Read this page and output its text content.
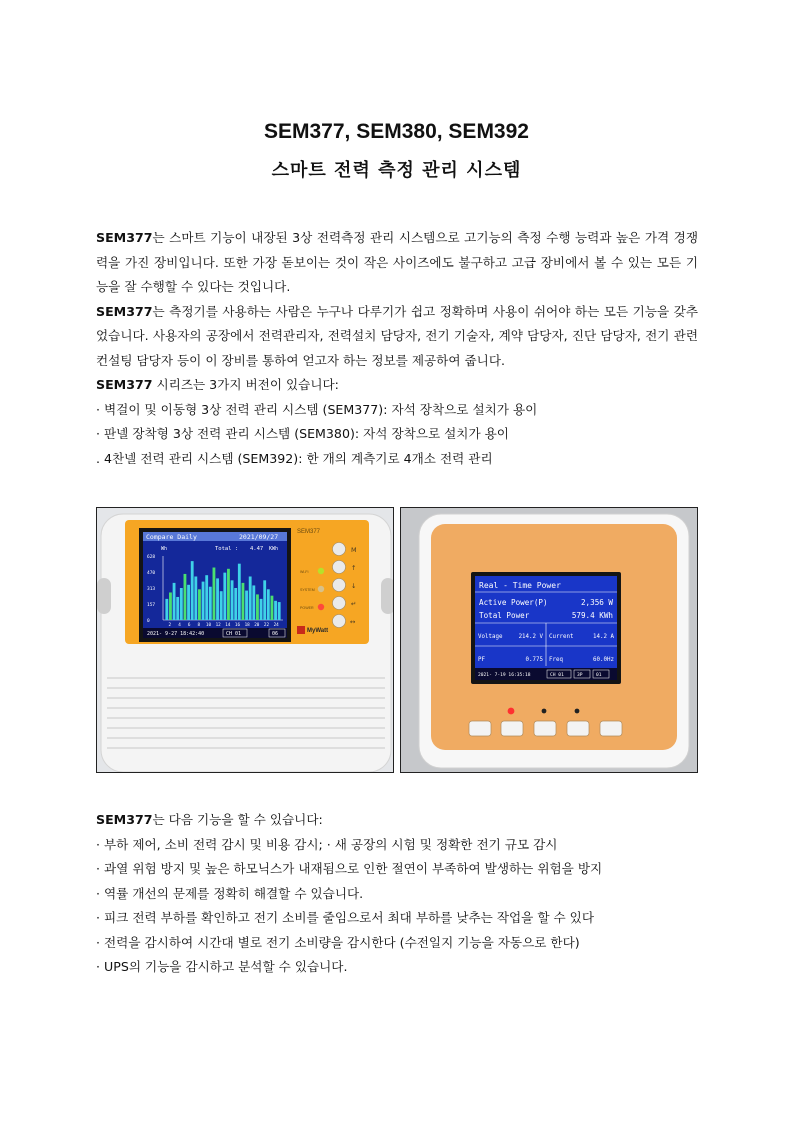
SEM377, SEM380, SEM392
스마트 전력 측정 관리 시스템

SEM377는 스마트 기능이 내장된 3상 전력측정 관리 시스템으로 고기능의 측정 수행 능력과 높은 가격 경쟁력을 가진 장비입니다. 또한 가장 돋보이는 것이 작은 사이즈에도 불구하고 고급 장비에서 볼 수 있는 모든 기능을 잘 수행할 수 있다는 것입니다.

SEM377는 측정기를 사용하는 사람은 누구나 다루기가 쉽고 정확하며 사용이 쉬어야 하는 모든 기능을 갖추었습니다. 사용자의 공장에서 전력관리자, 전력설치 담당자, 전기 기술자, 계약 담당자, 진단 담당자, 전기 관련 컨설팅 담당자 등이 이 장비를 통하여 얻고자 하는 정보를 제공하여 줍니다.

SEM377 시리즈는 3가지 버전이 있습니다:

· 벽걸이 및 이동형 3상 전력 관리 시스템 (SEM377): 자석 장착으로 설치가 용이

· 판넬 장착형 3상 전력 관리 시스템 (SEM380): 자석 장착으로 설치가 용이

. 4찬넬 전력 관리 시스템 (SEM392): 한 개의 계측기로 4개소 전력 관리

Compare Daily	2021/09/27
Wh	Total : 4.47 KWh
628
470
313
157
0
2 4 6 8 10 12 14 16 18 20 22 24
2021- 9-27 18:42:40	CH 01	06
SEM377
Wi-Fi
SYSTEM
POWER
M
↑
↓
↵
↔
MyWatt
Real - Time Power
Active Power(P)	2,356 W
Total Power	579.4 KWh
Voltage	214.2 V Current	14.2 A
PF	0.775 Freq	60.0Hz
2021- 7-19 16:35:18	CH 01	3P	01

SEM377는 다음 기능을 할 수 있습니다:

· 부하 제어, 소비 전력 감시 및 비용 감시; · 새 공장의 시험 및 정확한 전기 규모 감시

· 과열 위험 방지 및 높은 하모닉스가 내재됨으로 인한 절연이 부족하여 발생하는 위험을 방지

· 역률 개선의 문제를 정확히 해결할 수 있습니다.

· 피크 전력 부하를 확인하고 전기 소비를 줄임으로서 최대 부하를 낮추는 작업을 할 수 있다

· 전력을 감시하여 시간대 별로 전기 소비량을 감시한다 (수전일지 기능을 자동으로 한다)

· UPS의 기능을 감시하고 분석할 수 있습니다.
